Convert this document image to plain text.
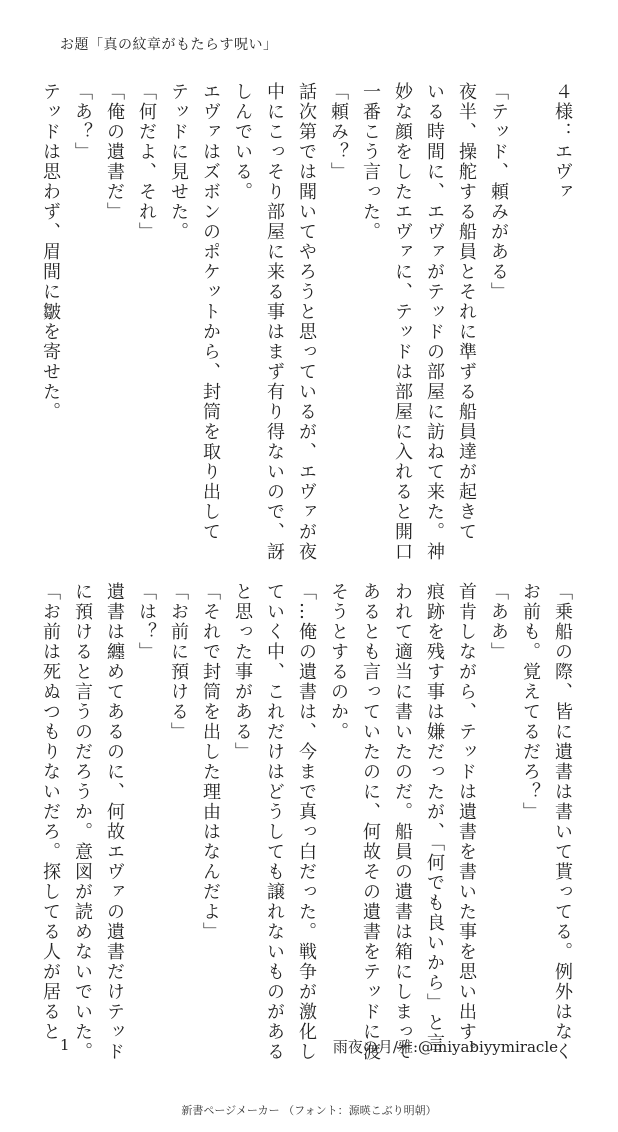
お題「真の紋章がもたらす呪い」
４様：エヴァ

「テッド、頼みがある」
夜半、操舵する船員とそれに準ずる船員達が起きて
いる時間に、エヴァがテッドの部屋に訪ねて来た。神
妙な顔をしたエヴァに、テッドは部屋に入れると開口
一番こう言った。
「頼み？」
話次第では聞いてやろうと思っているが、エヴァが夜
中にこっそり部屋に来る事はまず有り得ないので、訝
しんでいる。
エヴァはズボンのポケットから、封筒を取り出して
テッドに見せた。
「何だよ、それ」
「俺の遺書だ」
「あ？」
テッドは思わず、眉間に皺を寄せた。
「乗船の際、皆に遺書は書いて貰ってる。例外はなく
お前も。覚えてるだろ？」
「ああ」
首肯しながら、テッドは遺書を書いた事を思い出す。
痕跡を残す事は嫌だったが、「何でも良いから」と言
われて適当に書いたのだ。船員の遺書は箱にしまって
あるとも言っていたのに、何故その遺書をテッドに渡
そうとするのか。
「…俺の遺書は、今まで真っ白だった。戦争が激化し
ていく中、これだけはどうしても譲れないものがある
と思った事がある」
「それで封筒を出した理由はなんだよ」
「お前に預ける」
「は？」
遺書は纏めてあるのに、何故エヴァの遺書だけテッド
に預けると言うのだろうか。意図が読めないでいた。
「お前は死ぬつもりないだろ。探してる人が居ると
1	雨夜の月/雅:@miyabiyymiracle
新書ページメーカー （フォント：源暎こぶり明朝）
